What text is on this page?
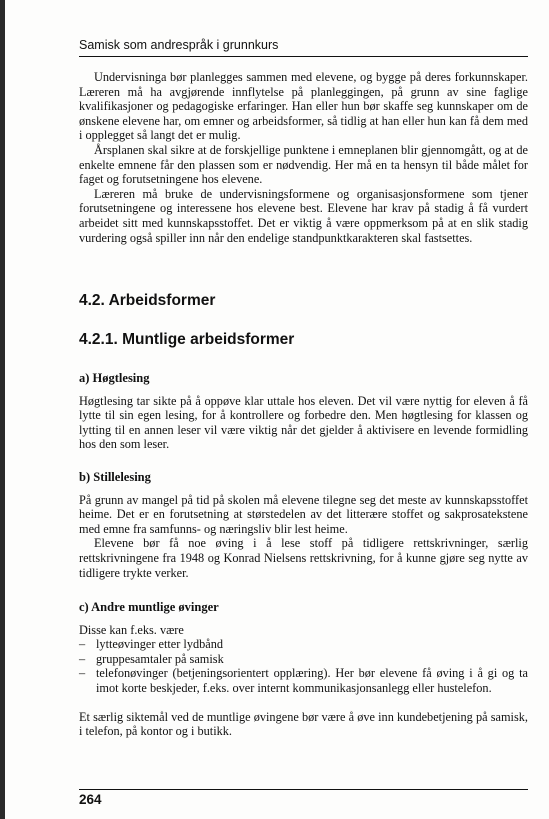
Samisk som andrespråk i grunnkurs

Undervisninga bør planlegges sammen med elevene, og bygge på deres forkunnskaper. Læreren må ha avgjørende innflytelse på planleggingen, på grunn av sine faglige kvalifikasjoner og pedagogiske erfaringer. Han eller hun bør skaffe seg kunnskaper om de ønskene elevene har, om emner og arbeidsformer, så tidlig at han eller hun kan få dem med i opplegget så langt det er mulig.

Årsplanen skal sikre at de forskjellige punktene i emneplanen blir gjennomgått, og at de enkelte emnene får den plassen som er nødvendig. Her må en ta hensyn til både målet for faget og forutsetningene hos elevene.

Læreren må bruke de undervisningsformene og organisasjonsformene som tjener forutsetningene og interessene hos elevene best. Elevene har krav på stadig å få vurdert arbeidet sitt med kunnskapsstoffet. Det er viktig å være oppmerksom på at en slik stadig vurdering også spiller inn når den endelige standpunktkarakteren skal fastsettes.

4.2. Arbeidsformer
4.2.1. Muntlige arbeidsformer
a) Høgtlesing

Høgtlesing tar sikte på å oppøve klar uttale hos eleven. Det vil være nyttig for eleven å få lytte til sin egen lesing, for å kontrollere og forbedre den. Men høgtlesing for klassen og lytting til en annen leser vil være viktig når det gjelder å aktivisere en levende formidling hos den som leser.

b) Stillelesing

På grunn av mangel på tid på skolen må elevene tilegne seg det meste av kunnskapsstoffet heime. Det er en forutsetning at størstedelen av det litterære stoffet og sakprosatekstene med emne fra samfunns- og næringsliv blir lest heime.

Elevene bør få noe øving i å lese stoff på tidligere rettskrivninger, særlig rettskrivningene fra 1948 og Konrad Nielsens rettskrivning, for å kunne gjøre seg nytte av tidligere trykte verker.

c) Andre muntlige øvinger

Disse kan f.eks. være

– lytteøvinger etter lydbånd
– gruppesamtaler på samisk
– telefonøvinger (betjeningsorientert opplæring). Her bør elevene få øving i å gi og ta imot korte beskjeder, f.eks. over internt kommunikasjonsanlegg eller hustelefon.

Et særlig siktemål ved de muntlige øvingene bør være å øve inn kundebetjening på samisk, i telefon, på kontor og i butikk.

264
